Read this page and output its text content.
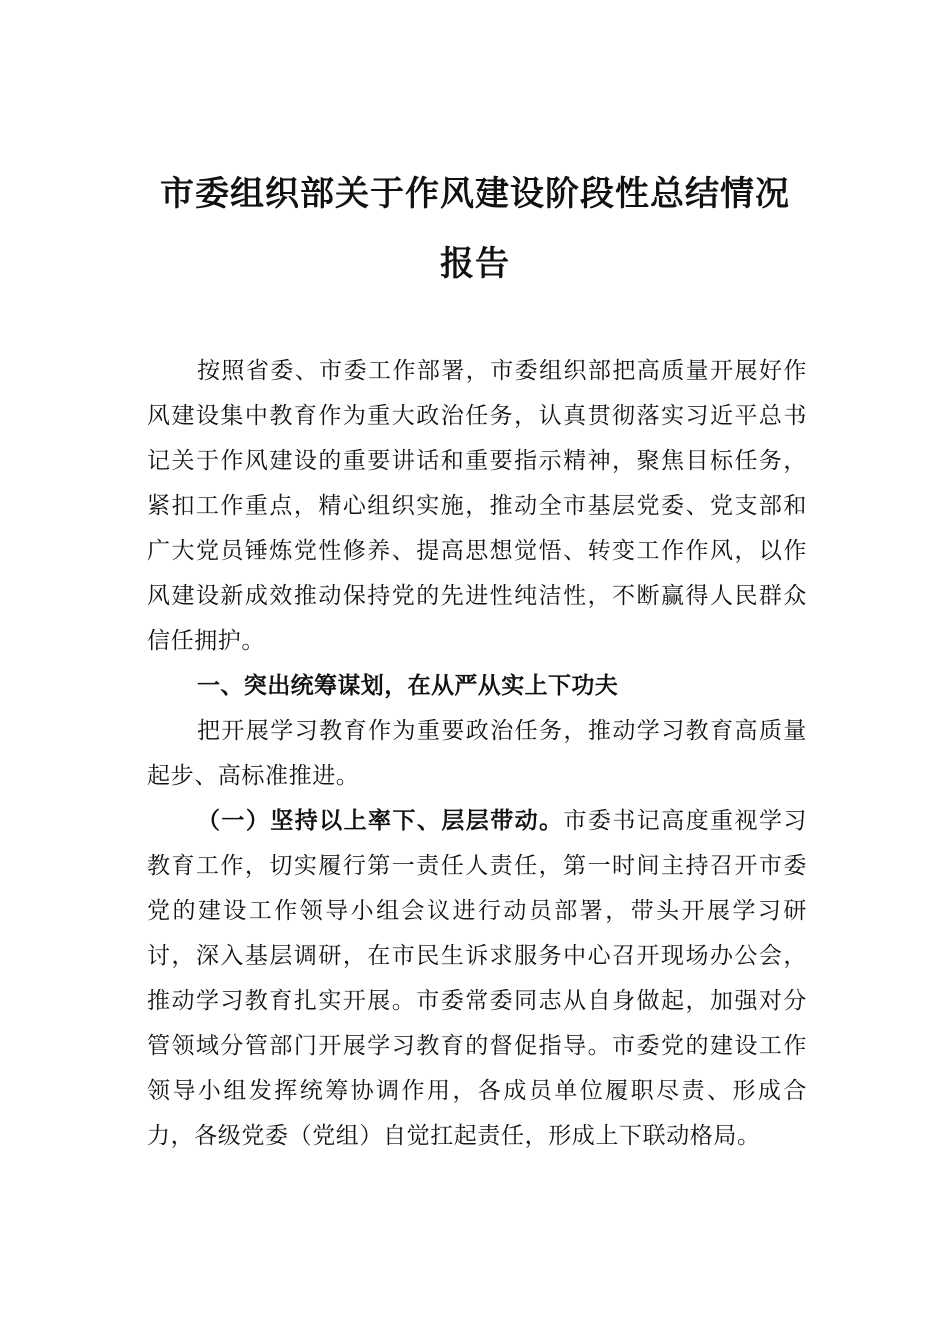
市委组织部关于作风建设阶段性总结情况
报告

按照省委、市委工作部署，市委组织部把高质量开展好作风建设集中教育作为重大政治任务，认真贯彻落实习近平总书记关于作风建设的重要讲话和重要指示精神，聚焦目标任务，紧扣工作重点，精心组织实施，推动全市基层党委、党支部和广大党员锤炼党性修养、提高思想觉悟、转变工作作风，以作风建设新成效推动保持党的先进性纯洁性，不断赢得人民群众信任拥护。

一、突出统筹谋划，在从严从实上下功夫

把开展学习教育作为重要政治任务，推动学习教育高质量起步、高标准推进。

（一）坚持以上率下、层层带动。市委书记高度重视学习教育工作，切实履行第一责任人责任，第一时间主持召开市委党的建设工作领导小组会议进行动员部署，带头开展学习研讨，深入基层调研，在市民生诉求服务中心召开现场办公会，推动学习教育扎实开展。市委常委同志从自身做起，加强对分管领域分管部门开展学习教育的督促指导。市委党的建设工作领导小组发挥统筹协调作用，各成员单位履职尽责、形成合力，各级党委（党组）自觉扛起责任，形成上下联动格局。
